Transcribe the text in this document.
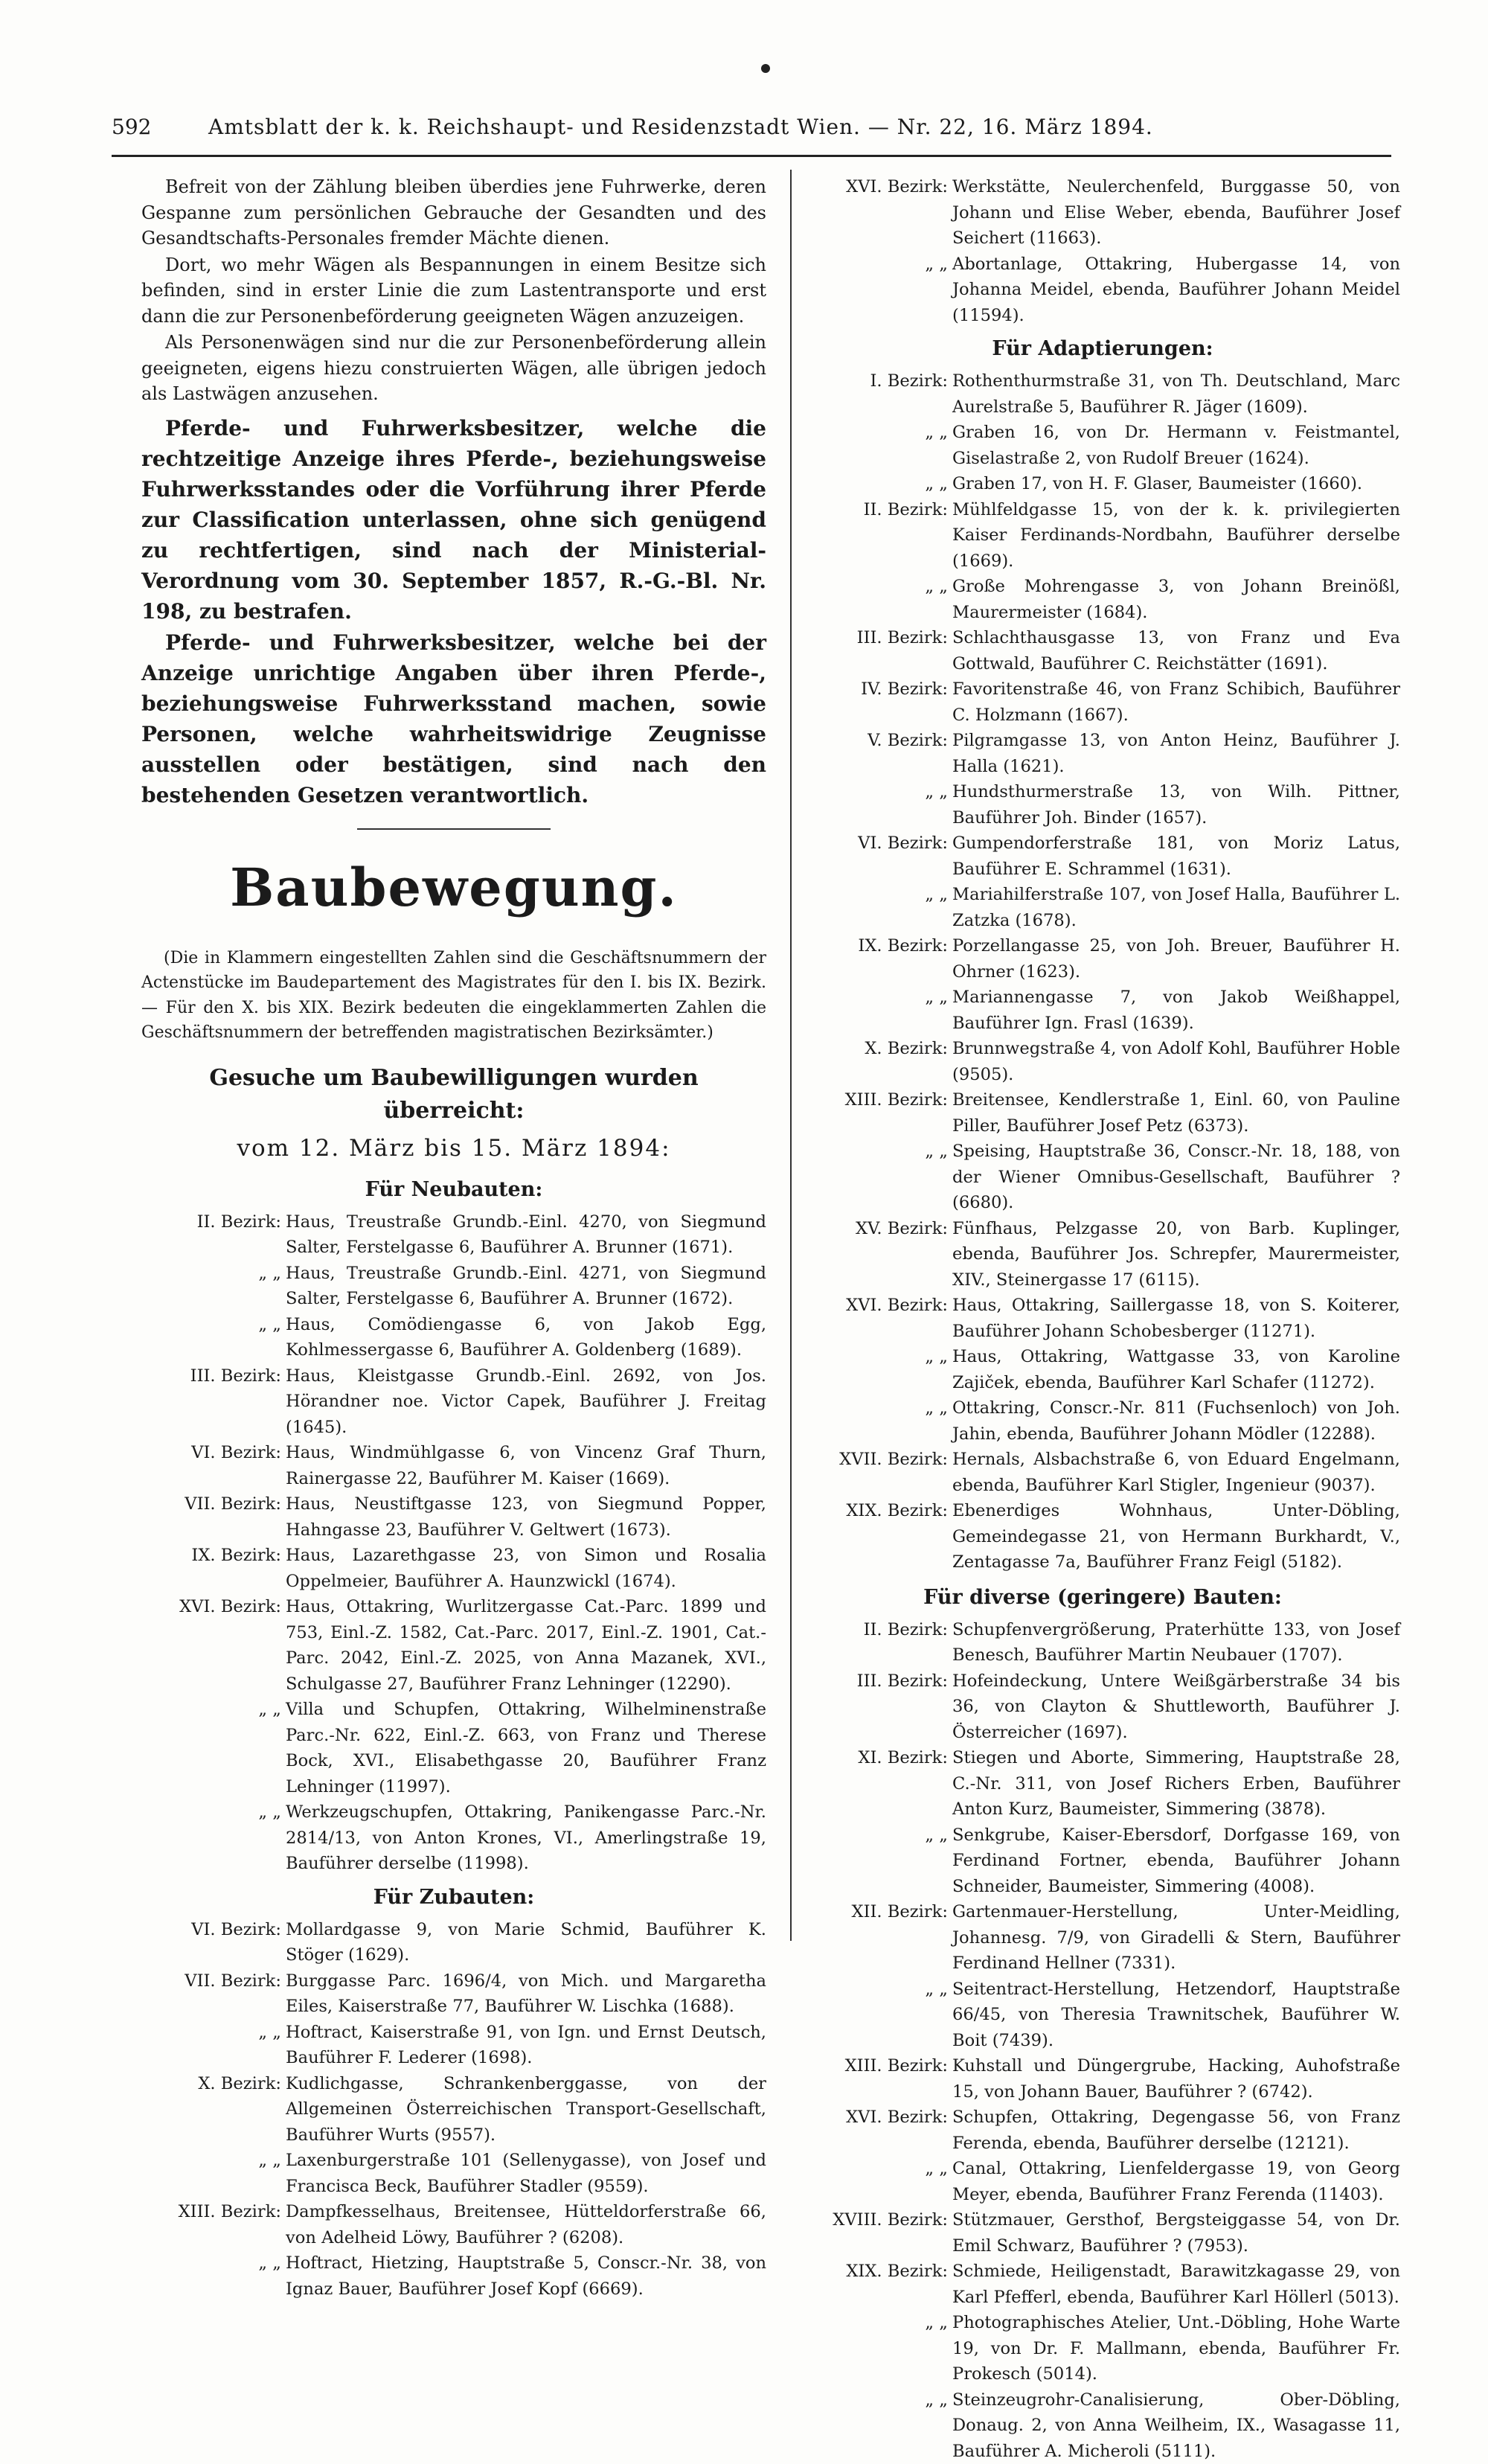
592	Amtsblatt der k. k. Reichshaupt- und Residenzstadt Wien. — Nr. 22, 16. März 1894.

Befreit von der Zählung bleiben überdies jene Fuhrwerke, deren Gespanne zum persönlichen Gebrauche der Gesandten und des Gesandtschafts-Personales fremder Mächte dienen.

Dort, wo mehr Wägen als Bespannungen in einem Besitze sich befinden, sind in erster Linie die zum Lastentransporte und erst dann die zur Personenbeförderung geeigneten Wägen anzuzeigen.

Als Personenwägen sind nur die zur Personenbeförderung allein geeigneten, eigens hiezu construierten Wägen, alle übrigen jedoch als Lastwägen anzusehen.

Pferde- und Fuhrwerksbesitzer, welche die rechtzeitige Anzeige ihres Pferde-, beziehungsweise Fuhrwerksstandes oder die Vorführung ihrer Pferde zur Classification unterlassen, ohne sich genügend zu rechtfertigen, sind nach der Ministerial-Verordnung vom 30. September 1857, R.-G.-Bl. Nr. 198, zu bestrafen.

Pferde- und Fuhrwerksbesitzer, welche bei der Anzeige unrichtige Angaben über ihren Pferde-, beziehungsweise Fuhrwerksstand machen, sowie Personen, welche wahrheitswidrige Zeugnisse ausstellen oder bestätigen, sind nach den bestehenden Gesetzen verantwortlich.

Baubewegung.

(Die in Klammern eingestellten Zahlen sind die Geschäftsnummern der Actenstücke im Baudepartement des Magistrates für den I. bis IX. Bezirk. — Für den X. bis XIX. Bezirk bedeuten die eingeklammerten Zahlen die Geschäftsnummern der betreffenden magistratischen Bezirksämter.)

Gesuche um Baubewilligungen wurden überreicht:
vom 12. März bis 15. März 1894:
Für Neubauten:
II. Bezirk: Haus, Treustraße Grundb.-Einl. 4270, von Siegmund Salter, Ferstelgasse 6, Bauführer A. Brunner (1671).
„ „ Haus, Treustraße Grundb.-Einl. 4271, von Siegmund Salter, Ferstelgasse 6, Bauführer A. Brunner (1672).
„ „ Haus, Comödiengasse 6, von Jakob Egg, Kohlmessergasse 6, Bauführer A. Goldenberg (1689).
III. Bezirk: Haus, Kleistgasse Grundb.-Einl. 2692, von Jos. Hörandner noe. Victor Capek, Bauführer J. Freitag (1645).
VI. Bezirk: Haus, Windmühlgasse 6, von Vincenz Graf Thurn, Rainergasse 22, Bauführer M. Kaiser (1669).
VII. Bezirk: Haus, Neustiftgasse 123, von Siegmund Popper, Hahngasse 23, Bauführer V. Geltwert (1673).
IX. Bezirk: Haus, Lazarethgasse 23, von Simon und Rosalia Oppelmeier, Bauführer A. Haunzwickl (1674).
XVI. Bezirk: Haus, Ottakring, Wurlitzergasse Cat.-Parc. 1899 und 753, Einl.-Z. 1582, Cat.-Parc. 2017, Einl.-Z. 1901, Cat.-Parc. 2042, Einl.-Z. 2025, von Anna Mazanek, XVI., Schulgasse 27, Bauführer Franz Lehninger (12290).
„ „ Villa und Schupfen, Ottakring, Wilhelminenstraße Parc.-Nr. 622, Einl.-Z. 663, von Franz und Therese Bock, XVI., Elisabethgasse 20, Bauführer Franz Lehninger (11997).
„ „ Werkzeugschupfen, Ottakring, Panikengasse Parc.-Nr. 2814/13, von Anton Krones, VI., Amerlingstraße 19, Bauführer derselbe (11998).
Für Zubauten:
VI. Bezirk: Mollardgasse 9, von Marie Schmid, Bauführer K. Stöger (1629).
VII. Bezirk: Burggasse Parc. 1696/4, von Mich. und Margaretha Eiles, Kaiserstraße 77, Bauführer W. Lischka (1688).
„ „ Hoftract, Kaiserstraße 91, von Ign. und Ernst Deutsch, Bauführer F. Lederer (1698).
X. Bezirk: Kudlichgasse, Schrankenberggasse, von der Allgemeinen Österreichischen Transport-Gesellschaft, Bauführer Wurts (9557).
„ „ Laxenburgerstraße 101 (Sellenygasse), von Josef und Francisca Beck, Bauführer Stadler (9559).
XIII. Bezirk: Dampfkesselhaus, Breitensee, Hütteldorferstraße 66, von Adelheid Löwy, Bauführer ? (6208).
„ „ Hoftract, Hietzing, Hauptstraße 5, Conscr.-Nr. 38, von Ignaz Bauer, Bauführer Josef Kopf (6669).
XVI. Bezirk: Werkstätte, Neulerchenfeld, Burggasse 50, von Johann und Elise Weber, ebenda, Bauführer Josef Seichert (11663).
„ „ Abortanlage, Ottakring, Hubergasse 14, von Johanna Meidel, ebenda, Bauführer Johann Meidel (11594).
Für Adaptierungen:
I. Bezirk: Rothenthurmstraße 31, von Th. Deutschland, Marc Aurelstraße 5, Bauführer R. Jäger (1609).
„ „ Graben 16, von Dr. Hermann v. Feistmantel, Giselastraße 2, von Rudolf Breuer (1624).
„ „ Graben 17, von H. F. Glaser, Baumeister (1660).
II. Bezirk: Mühlfeldgasse 15, von der k. k. privilegierten Kaiser Ferdinands-Nordbahn, Bauführer derselbe (1669).
„ „ Große Mohrengasse 3, von Johann Breinößl, Maurermeister (1684).
III. Bezirk: Schlachthausgasse 13, von Franz und Eva Gottwald, Bauführer C. Reichstätter (1691).
IV. Bezirk: Favoritenstraße 46, von Franz Schibich, Bauführer C. Holzmann (1667).
V. Bezirk: Pilgramgasse 13, von Anton Heinz, Bauführer J. Halla (1621).
„ „ Hundsthurmerstraße 13, von Wilh. Pittner, Bauführer Joh. Binder (1657).
VI. Bezirk: Gumpendorferstraße 181, von Moriz Latus, Bauführer E. Schrammel (1631).
„ „ Mariahilferstraße 107, von Josef Halla, Bauführer L. Zatzka (1678).
IX. Bezirk: Porzellangasse 25, von Joh. Breuer, Bauführer H. Ohrner (1623).
„ „ Mariannengasse 7, von Jakob Weißhappel, Bauführer Ign. Frasl (1639).
X. Bezirk: Brunnwegstraße 4, von Adolf Kohl, Bauführer Hoble (9505).
XIII. Bezirk: Breitensee, Kendlerstraße 1, Einl. 60, von Pauline Piller, Bauführer Josef Petz (6373).
„ „ Speising, Hauptstraße 36, Conscr.-Nr. 18, 188, von der Wiener Omnibus-Gesellschaft, Bauführer ? (6680).
XV. Bezirk: Fünfhaus, Pelzgasse 20, von Barb. Kuplinger, ebenda, Bauführer Jos. Schrepfer, Maurermeister, XIV., Steinergasse 17 (6115).
XVI. Bezirk: Haus, Ottakring, Saillergasse 18, von S. Koiterer, Bauführer Johann Schobesberger (11271).
„ „ Haus, Ottakring, Wattgasse 33, von Karoline Zajiček, ebenda, Bauführer Karl Schafer (11272).
„ „ Ottakring, Conscr.-Nr. 811 (Fuchsenloch) von Joh. Jahin, ebenda, Bauführer Johann Mödler (12288).
XVII. Bezirk: Hernals, Alsbachstraße 6, von Eduard Engelmann, ebenda, Bauführer Karl Stigler, Ingenieur (9037).
XIX. Bezirk: Ebenerdiges Wohnhaus, Unter-Döbling, Gemeindegasse 21, von Hermann Burkhardt, V., Zentagasse 7a, Bauführer Franz Feigl (5182).
Für diverse (geringere) Bauten:
II. Bezirk: Schupfenvergrößerung, Praterhütte 133, von Josef Benesch, Bauführer Martin Neubauer (1707).
III. Bezirk: Hofeindeckung, Untere Weißgärberstraße 34 bis 36, von Clayton & Shuttleworth, Bauführer J. Österreicher (1697).
XI. Bezirk: Stiegen und Aborte, Simmering, Hauptstraße 28, C.-Nr. 311, von Josef Richers Erben, Bauführer Anton Kurz, Baumeister, Simmering (3878).
„ „ Senkgrube, Kaiser-Ebersdorf, Dorfgasse 169, von Ferdinand Fortner, ebenda, Bauführer Johann Schneider, Baumeister, Simmering (4008).
XII. Bezirk: Gartenmauer-Herstellung, Unter-Meidling, Johannesg. 7/9, von Giradelli & Stern, Bauführer Ferdinand Hellner (7331).
„ „ Seitentract-Herstellung, Hetzendorf, Hauptstraße 66/45, von Theresia Trawnitschek, Bauführer W. Boit (7439).
XIII. Bezirk: Kuhstall und Düngergrube, Hacking, Auhofstraße 15, von Johann Bauer, Bauführer ? (6742).
XVI. Bezirk: Schupfen, Ottakring, Degengasse 56, von Franz Ferenda, ebenda, Bauführer derselbe (12121).
„ „ Canal, Ottakring, Lienfeldergasse 19, von Georg Meyer, ebenda, Bauführer Franz Ferenda (11403).
XVIII. Bezirk: Stützmauer, Gersthof, Bergsteiggasse 54, von Dr. Emil Schwarz, Bauführer ? (7953).
XIX. Bezirk: Schmiede, Heiligenstadt, Barawitzkagasse 29, von Karl Pfefferl, ebenda, Bauführer Karl Höllerl (5013).
„ „ Photographisches Atelier, Unt.-Döbling, Hohe Warte 19, von Dr. F. Mallmann, ebenda, Bauführer Fr. Prokesch (5014).
„ „ Steinzeugrohr-Canalisierung, Ober-Döbling, Donaug. 2, von Anna Weilheim, IX., Wasagasse 11, Bauführer A. Micheroli (5111).
